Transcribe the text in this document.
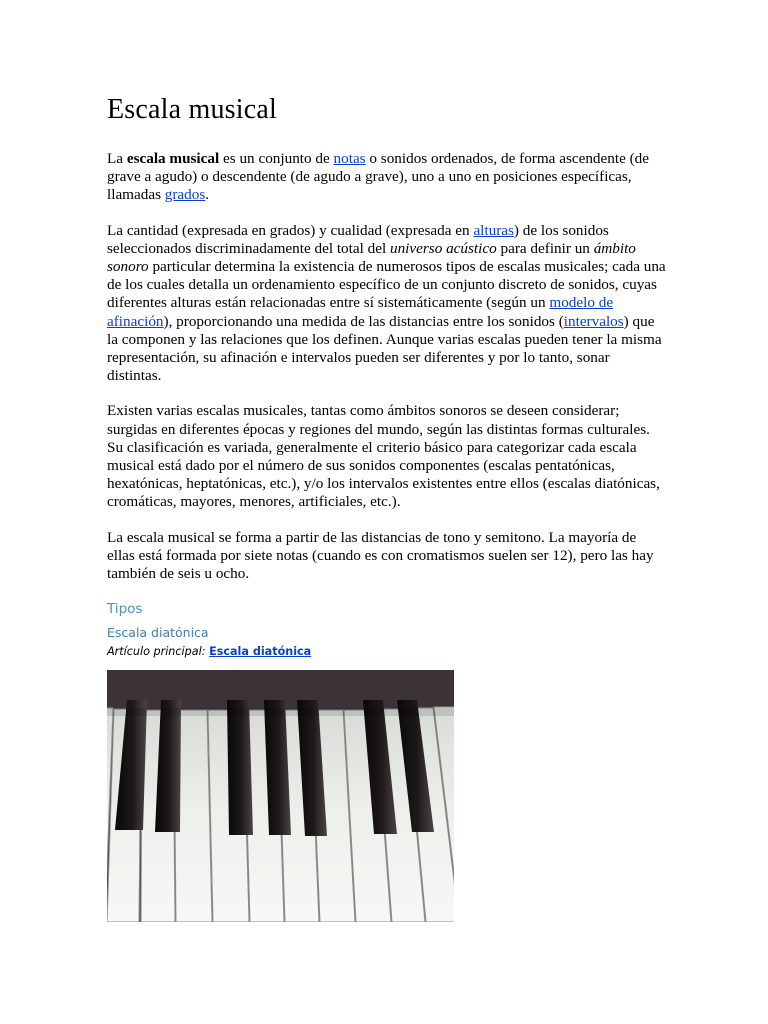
Escala musical

La escala musical es un conjunto de notas o sonidos ordenados, de forma ascendente (de grave a agudo) o descendente (de agudo a grave), uno a uno en posiciones específicas, llamadas grados.

La cantidad (expresada en grados) y cualidad (expresada en alturas) de los sonidos seleccionados discriminadamente del total del universo acústico para definir un ámbito sonoro particular determina la existencia de numerosos tipos de escalas musicales; cada una de los cuales detalla un ordenamiento específico de un conjunto discreto de sonidos, cuyas diferentes alturas están relacionadas entre sí sistemáticamente (según un modelo de afinación), proporcionando una medida de las distancias entre los sonidos (intervalos) que la componen y las relaciones que los definen. Aunque varias escalas pueden tener la misma representación, su afinación e intervalos pueden ser diferentes y por lo tanto, sonar distintas.

Existen varias escalas musicales, tantas como ámbitos sonoros se deseen considerar; surgidas en diferentes épocas y regiones del mundo, según las distintas formas culturales. Su clasificación es variada, generalmente el criterio básico para categorizar cada escala musical está dado por el número de sus sonidos componentes (escalas pentatónicas, hexatónicas, heptatónicas, etc.), y/o los intervalos existentes entre ellos (escalas diatónicas, cromáticas, mayores, menores, artificiales, etc.).

La escala musical se forma a partir de las distancias de tono y semitono. La mayoría de ellas está formada por siete notas (cuando es con cromatismos suelen ser 12), pero las hay también de seis u ocho.

Tipos
Escala diatónica
Artículo principal: Escala diatónica
